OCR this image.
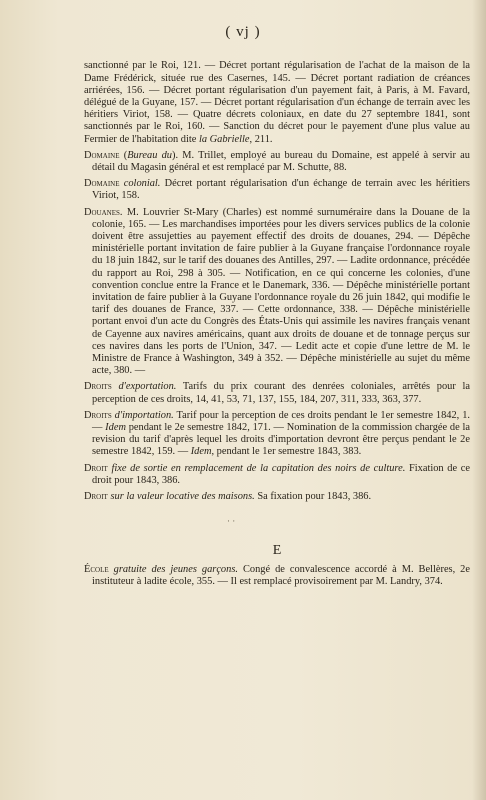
( vj )

sanctionné par le Roi, 121. — Décret portant régularisation de l'achat de la maison de la Dame Frédérick, située rue des Casernes, 145. — Décret portant radiation de créances arriérées, 156. — Décret portant régularisation d'un payement fait, à Paris, à M. Favard, délégué de la Guyane, 157. — Décret portant régularisation d'un échange de terrain avec les héritiers Viriot, 158. — Quatre décrets coloniaux, en date du 27 septembre 1841, sont sanctionnés par le Roi, 160. — Sanction du décret pour le payement d'une plus value au Fermier de l'habitation dite la Gabrielle, 211.

Domaine (Bureau du). M. Trillet, employé au bureau du Domaine, est appelé à servir au détail du Magasin général et est remplacé par M. Schutte, 88.

Domaine colonial. Décret portant régularisation d'un échange de terrain avec les héritiers Viriot, 158.

Douanes. M. Louvrier St-Mary (Charles) est nommé surnuméraire dans la Douane de la colonie, 165. — Les marchandises importées pour les divers services publics de la colonie doivent être assujetties au payement effectif des droits de douanes, 294. — Dépêche ministérielle portant invitation de faire publier à la Guyane française l'ordonnance royale du 18 juin 1842, sur le tarif des douanes des Antilles, 297. — Ladite ordonnance, précédée du rapport au Roi, 298 à 305. — Notification, en ce qui concerne les colonies, d'une convention conclue entre la France et le Danemark, 336. — Dépêche ministérielle portant invitation de faire publier à la Guyane l'ordonnance royale du 26 juin 1842, qui modifie le tarif des douanes de France, 337. — Cette ordonnance, 338. — Dépêche ministérielle portant envoi d'un acte du Congrès des États-Unis qui assimile les navires français venant de Cayenne aux navires américains, quant aux droits de douane et de tonnage perçus sur ces navires dans les ports de l'Union, 347. — Ledit acte et copie d'une lettre de M. le Ministre de France à Washington, 349 à 352. — Dépêche ministérielle au sujet du même acte, 380. —

Droits d'exportation. Tarifs du prix courant des denrées coloniales, arrêtés pour la perception de ces droits, 14, 41, 53, 71, 137, 155, 184, 207, 311, 333, 363, 377.

Droits d'importation. Tarif pour la perception de ces droits pendant le 1er semestre 1842, 1. — Idem pendant le 2e semestre 1842, 171. — Nomination de la commission chargée de la revision du tarif d'après lequel les droits d'importation devront être perçus pendant le 2e semestre 1842, 159. — Idem, pendant le 1er semestre 1843, 383.

Droit fixe de sortie en remplacement de la capitation des noirs de culture. Fixation de ce droit pour 1843, 386.

Droit sur la valeur locative des maisons. Sa fixation pour 1843, 386.

· ·
E

École gratuite des jeunes garçons. Congé de convalescence accordé à M. Bellères, 2e instituteur à ladite école, 355. — Il est remplacé provisoirement par M. Landry, 374.
